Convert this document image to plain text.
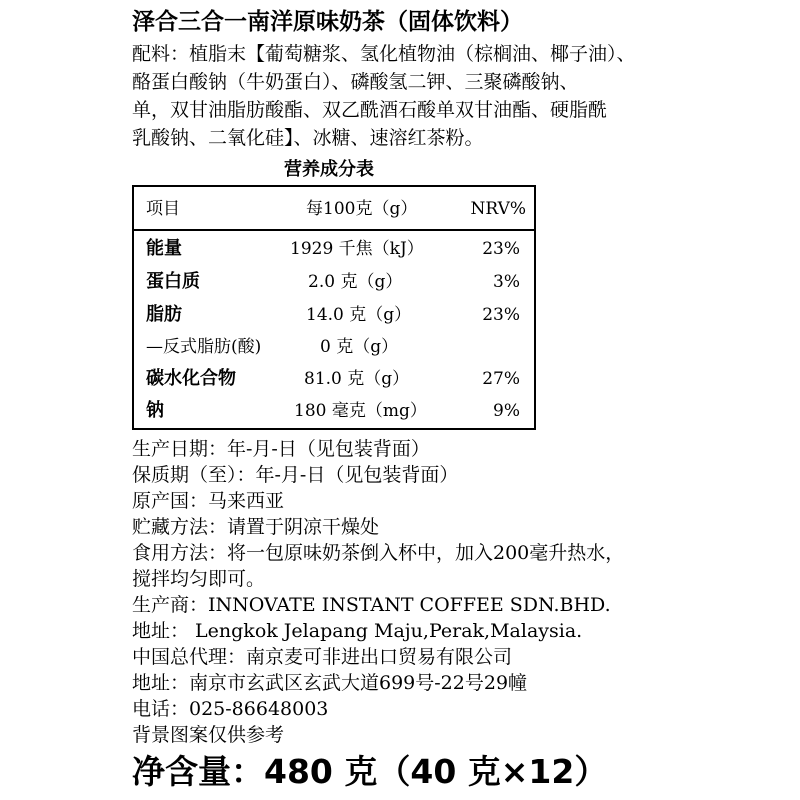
泽合三合一南洋原味奶茶（固体饮料）
配料：植脂末【葡萄糖浆、氢化植物油（棕榈油、椰子油）、
酪蛋白酸钠（牛奶蛋白）、磷酸氢二钾、三聚磷酸钠、
单，双甘油脂肪酸酯、双乙酰酒石酸单双甘油酯、硬脂酰
乳酸钠、二氧化硅】、冰糖、速溶红茶粉。
营养成分表
项目	每100克（g）	NRV%
能量	1929 千焦（kJ）	23%
蛋白质	2.0 克（g）	3%
脂肪	14.0 克（g）	23%
—反式脂肪(酸)	0 克（g）
碳水化合物	81.0 克（g）	27%
钠	180 毫克（mg）	9%
生产日期：年-月-日（见包装背面）
保质期（至）：年-月-日（见包装背面）
原产国：马来西亚
贮藏方法：请置于阴凉干燥处
食用方法：将一包原味奶茶倒入杯中，加入200毫升热水，
搅拌均匀即可。
生产商：INNOVATE INSTANT COFFEE SDN.BHD.
地址： Lengkok Jelapang Maju,Perak,Malaysia.
中国总代理：南京麦可非进出口贸易有限公司
地址：南京市玄武区玄武大道699号-22号29幢
电话：025-86648003
背景图案仅供参考
净含量：480 克（40 克×12）
